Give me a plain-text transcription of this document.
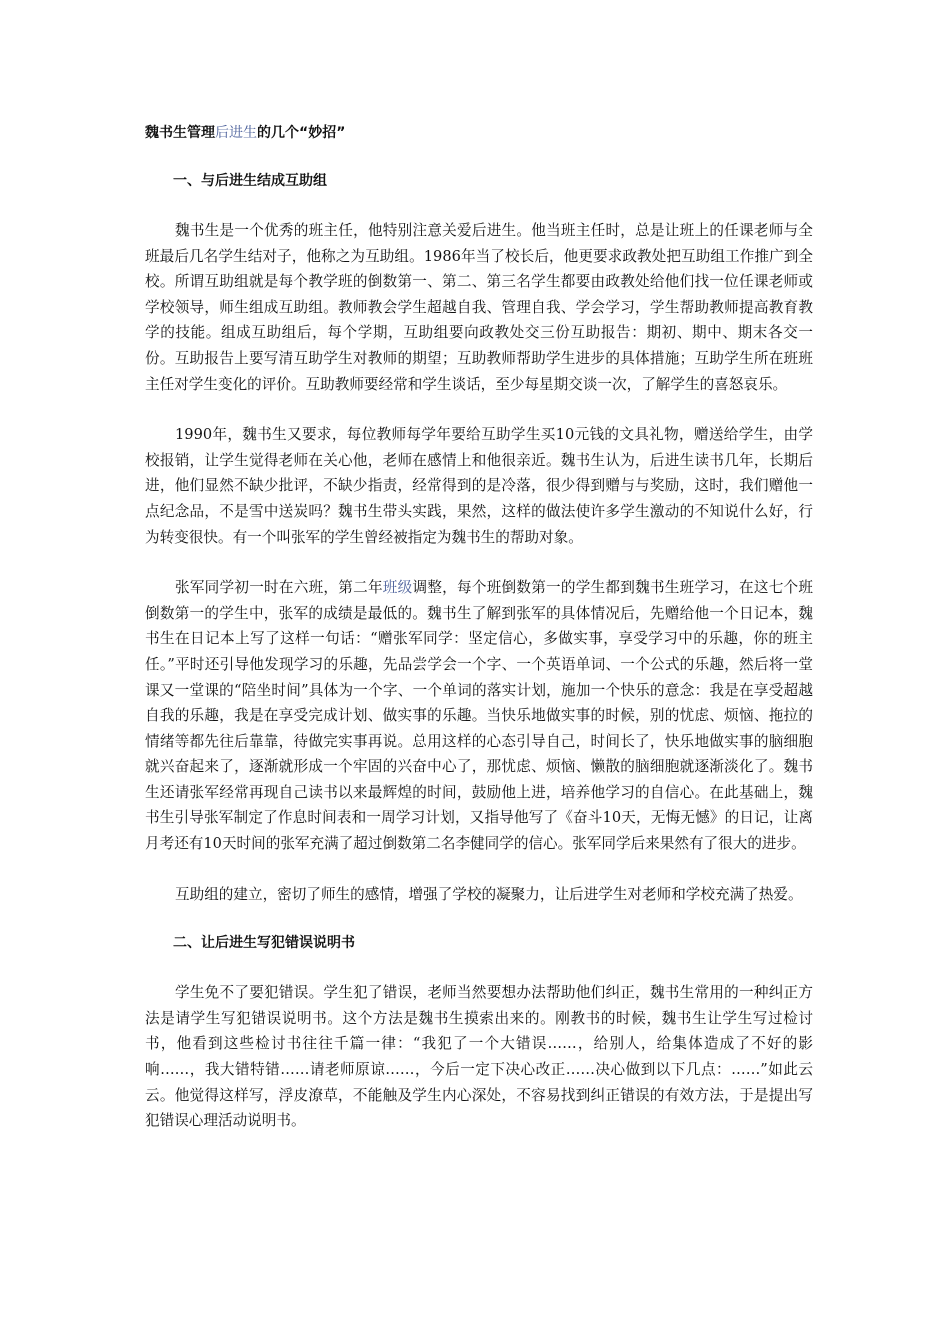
魏书生管理后进生的几个“妙招”
一、与后进生结成互助组

魏书生是一个优秀的班主任，他特别注意关爱后进生。他当班主任时，总是让班上的任课老师与全班最后几名学生结对子，他称之为互助组。1986年当了校长后，他更要求政教处把互助组工作推广到全校。所谓互助组就是每个教学班的倒数第一、第二、第三名学生都要由政教处给他们找一位任课老师或学校领导，师生组成互助组。教师教会学生超越自我、管理自我、学会学习，学生帮助教师提高教育教学的技能。组成互助组后，每个学期，互助组要向政教处交三份互助报告：期初、期中、期末各交一份。互助报告上要写清互助学生对教师的期望；互助教师帮助学生进步的具体措施；互助学生所在班班主任对学生变化的评价。互助教师要经常和学生谈话，至少每星期交谈一次，了解学生的喜怒哀乐。

1990年，魏书生又要求，每位教师每学年要给互助学生买10元钱的文具礼物，赠送给学生，由学校报销，让学生觉得老师在关心他，老师在感情上和他很亲近。魏书生认为，后进生读书几年，长期后进，他们显然不缺少批评，不缺少指责，经常得到的是冷落，很少得到赠与与奖励，这时，我们赠他一点纪念品，不是雪中送炭吗？魏书生带头实践，果然，这样的做法使许多学生激动的不知说什么好，行为转变很快。有一个叫张军的学生曾经被指定为魏书生的帮助对象。

张军同学初一时在六班，第二年班级调整，每个班倒数第一的学生都到魏书生班学习，在这七个班倒数第一的学生中，张军的成绩是最低的。魏书生了解到张军的具体情况后，先赠给他一个日记本，魏书生在日记本上写了这样一句话：“赠张军同学：坚定信心，多做实事，享受学习中的乐趣，你的班主任。”平时还引导他发现学习的乐趣，先品尝学会一个字、一个英语单词、一个公式的乐趣，然后将一堂课又一堂课的“陪坐时间”具体为一个字、一个单词的落实计划，施加一个快乐的意念：我是在享受超越自我的乐趣，我是在享受完成计划、做实事的乐趣。当快乐地做实事的时候，别的忧虑、烦恼、拖拉的情绪等都先往后靠靠，待做完实事再说。总用这样的心态引导自己，时间长了，快乐地做实事的脑细胞就兴奋起来了，逐渐就形成一个牢固的兴奋中心了，那忧虑、烦恼、懒散的脑细胞就逐渐淡化了。魏书生还请张军经常再现自己读书以来最辉煌的时间，鼓励他上进，培养他学习的自信心。在此基础上，魏书生引导张军制定了作息时间表和一周学习计划，又指导他写了《奋斗10天，无悔无憾》的日记，让离月考还有10天时间的张军充满了超过倒数第二名李健同学的信心。张军同学后来果然有了很大的进步。

互助组的建立，密切了师生的感情，增强了学校的凝聚力，让后进学生对老师和学校充满了热爱。

二、让后进生写犯错误说明书

学生免不了要犯错误。学生犯了错误，老师当然要想办法帮助他们纠正，魏书生常用的一种纠正方法是请学生写犯错误说明书。这个方法是魏书生摸索出来的。刚教书的时候，魏书生让学生写过检讨书，他看到这些检讨书往往千篇一律：“我犯了一个大错误……，给别人，给集体造成了不好的影响……，我大错特错……请老师原谅……，今后一定下决心改正……决心做到以下几点：……”如此云云。他觉得这样写，浮皮潦草，不能触及学生内心深处，不容易找到纠正错误的有效方法，于是提出写犯错误心理活动说明书。
